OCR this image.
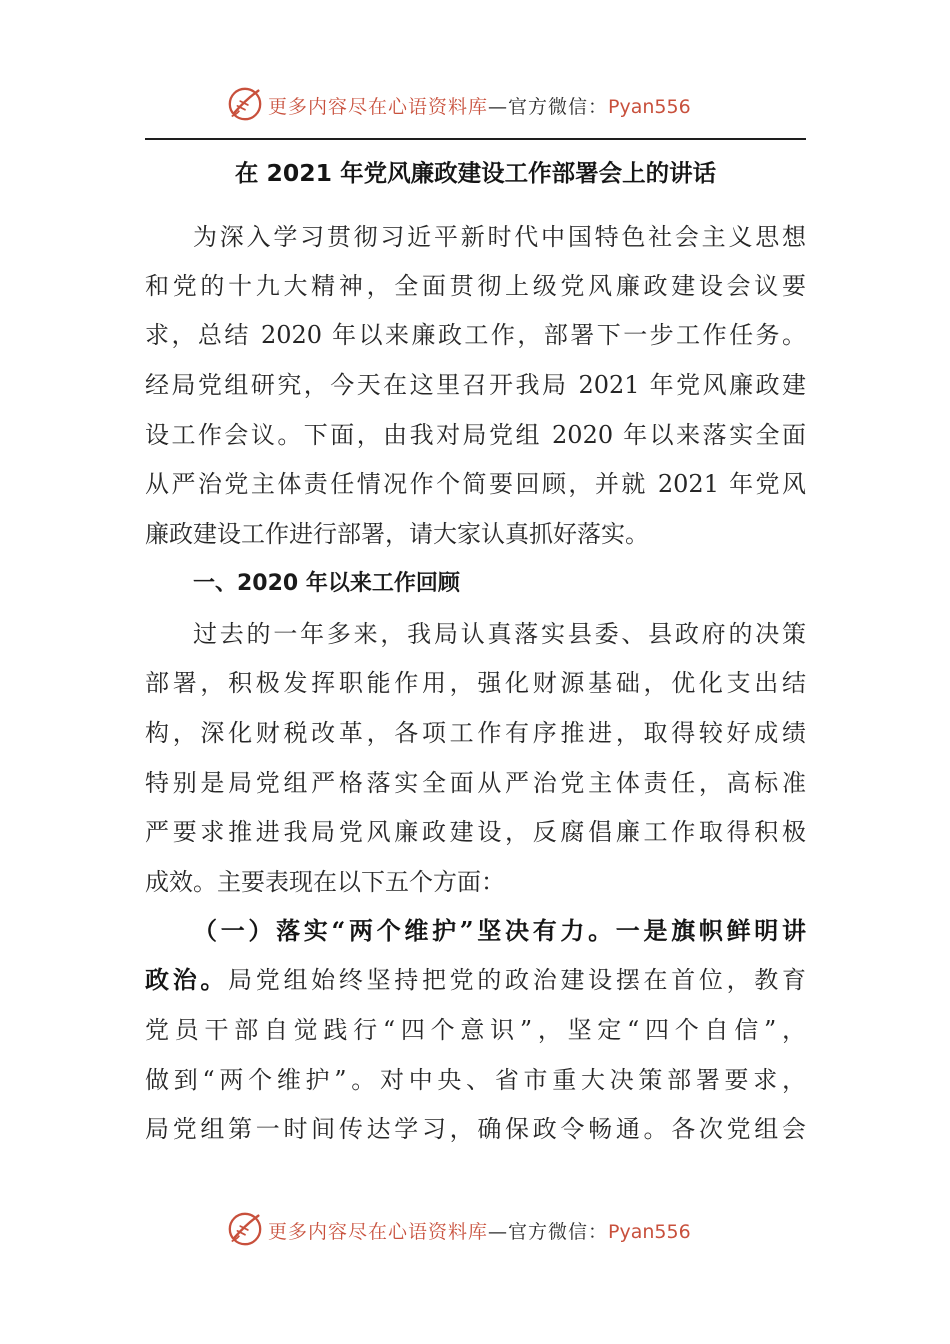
更多内容尽在心语资料库—官方微信：Pyan556
在 2021 年党风廉政建设工作部署会上的讲话
为深入学习贯彻习近平新时代中国特色社会主义思想
和党的十九大精神，全面贯彻上级党风廉政建设会议要
求，总结 2020 年以来廉政工作，部署下一步工作任务。
经局党组研究，今天在这里召开我局 2021 年党风廉政建
设工作会议。下面，由我对局党组 2020 年以来落实全面
从严治党主体责任情况作个简要回顾，并就 2021 年党风
廉政建设工作进行部署，请大家认真抓好落实。
一、2020 年以来工作回顾
过去的一年多来，我局认真落实县委、县政府的决策
部署，积极发挥职能作用，强化财源基础，优化支出结
构，深化财税改革，各项工作有序推进，取得较好成绩
特别是局党组严格落实全面从严治党主体责任，高标准
严要求推进我局党风廉政建设，反腐倡廉工作取得积极
成效。主要表现在以下五个方面：
（一）落实“两个维护”坚决有力。一是旗帜鲜明讲
政治。局党组始终坚持把党的政治建设摆在首位，教育
党员干部自觉践行“四个意识”，坚定“四个自信”，
做到“两个维护”。对中央、省市重大决策部署要求，
局党组第一时间传达学习，确保政令畅通。各次党组会
更多内容尽在心语资料库—官方微信：Pyan556
